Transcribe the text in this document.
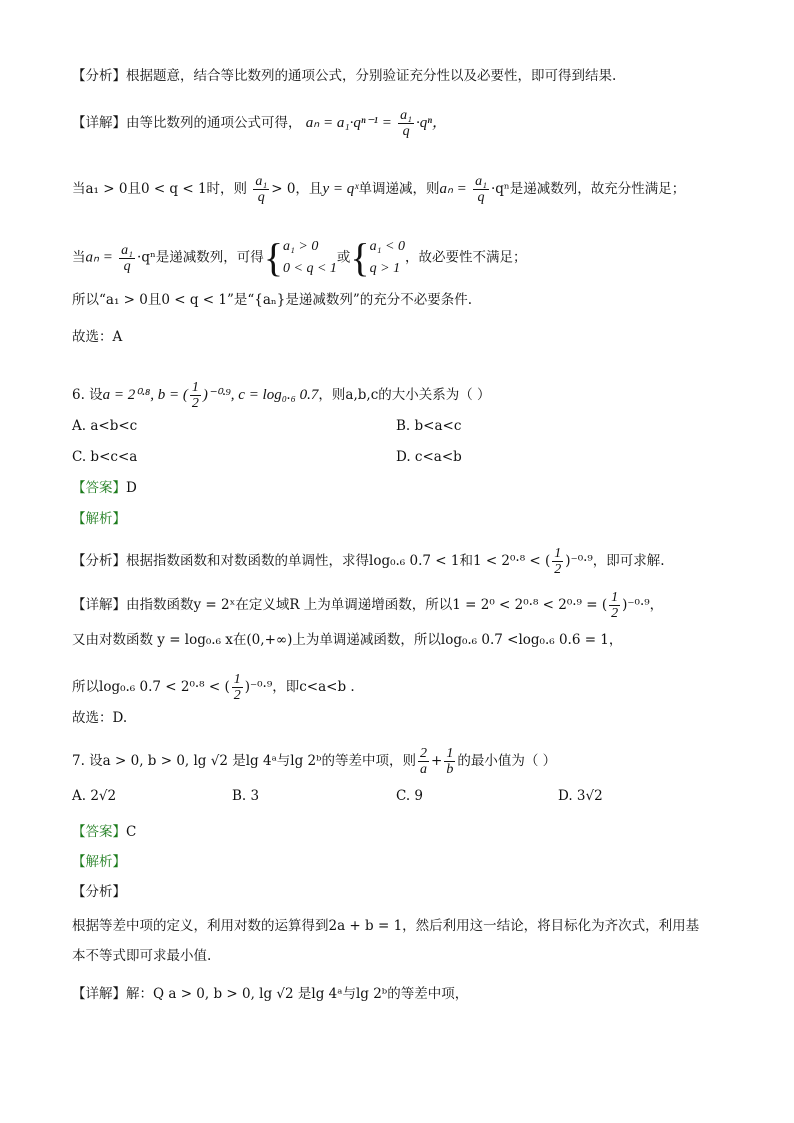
【分析】根据题意，结合等比数列的通项公式，分别验证充分性以及必要性，即可得到结果.
【详解】由等比数列的通项公式可得， $a_n = a_1\cdot q^{n-1} = \frac{\text{a₁}}{q} \cdot q^n$，
当a₁ > 0且0 < q < 1时，则 $\frac{\text{a₁}}{q} > 0$，且y = qˣ单调递减，则$a_n = \frac{\text{a₁}}{q} \cdot q^n$是递减数列，故充分性满足；
当$a_n = \frac{\text{a₁}}{q} \cdot q^n$是递减数列，可得{ a₁ > 0
0 < q < 1
或{ a₁ < 0
q > 1
，故必要性不满足；
所以“a₁ > 0且0 < q < 1”是“{aₙ}是递减数列”的充分不必要条件.
故选：A
6. 设a = 2⁰·⁸, b = ( $\frac{1}{2} )^{-0}\cdot^9$, c = log₀.₆ 0.7，则a,b,c的大小关系为（ ）
A. a<b<c	B. b<a<c
C. b<c<a	D. c<a<b
【答案】D
【解析】
【分析】根据指数函数和对数函数的单调性，求得log₀.₆ 0.7 < 1和1 < 2⁰·⁸ < ( $\frac{1}{2} )^{-0}\cdot^9$，即可求解.
【详解】由指数函数y = 2ˣ在定义域R 上为单调递增函数，所以1 = 2⁰ < 2⁰·⁸ < 2⁰·⁹ = ( $\frac{1}{2} )^{-0}\cdot^9$，
又由对数函数 y = log₀.₆ x在(0,+∞)上为单调递减函数，所以log₀.₆ 0.7 <log₀.₆ 0.6 = 1，
所以log₀.₆ 0.7 < 2⁰·⁸ < ( $\frac{1}{2} )^{-0}\cdot^9$，即c<a<b .
故选：D.
7. 设a > 0, b > 0, lg √2 是lg 4ᵃ与lg 2ᵇ的等差中项，则 $\frac{2}{a} + \frac{1}{b}$ 的最小值为（ ）
A. 2√2	B. 3	C. 9	D. 3√2
【答案】C
【解析】
【分析】
根据等差中项的定义，利用对数的运算得到2a + b = 1，然后利用这一结论，将目标化为齐次式，利用基
本不等式即可求最小值.
【详解】解：Q a > 0, b > 0, lg √2 是lg 4ᵃ与lg 2ᵇ的等差中项，
